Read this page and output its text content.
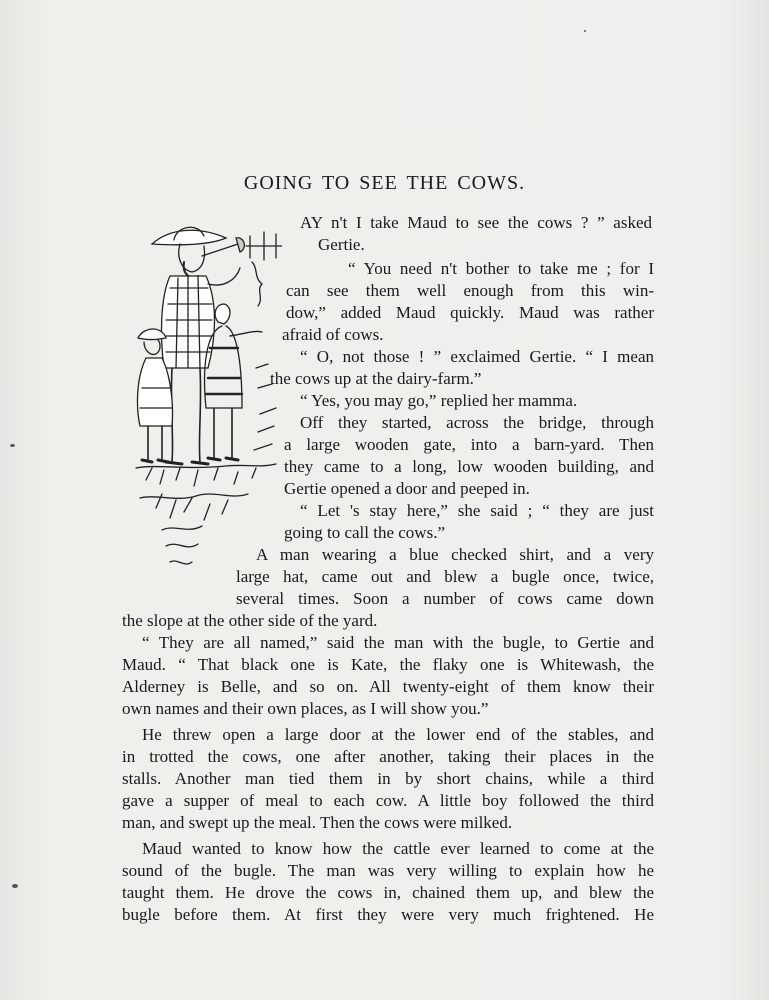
GOING TO SEE THE COWS.
AY n't I take Maud to see the cows ? ” asked
Gertie.
“ You need n't bother to take me ; for I
can see them well enough from this win-
dow,” added Maud quickly. Maud was rather
afraid of cows.
“ O, not those ! ” exclaimed Gertie. “ I mean
the cows up at the dairy-farm.”
“ Yes, you may go,” replied her mamma.
Off they started, across the bridge, through
a large wooden gate, into a barn-yard. Then
they came to a long, low wooden building, and
Gertie opened a door and peeped in.
“ Let 's stay here,” she said ; “ they are just
going to call the cows.”
A man wearing a blue checked shirt, and a very
large hat, came out and blew a bugle once, twice,
several times. Soon a number of cows came down
the slope at the other side of the yard.
“ They are all named,” said the man with the bugle, to Gertie and
Maud. “ That black one is Kate, the flaky one is Whitewash, the
Alderney is Belle, and so on. All twenty-eight of them know their
own names and their own places, as I will show you.”
He threw open a large door at the lower end of the stables, and
in trotted the cows, one after another, taking their places in the
stalls. Another man tied them in by short chains, while a third
gave a supper of meal to each cow. A little boy followed the third
man, and swept up the meal. Then the cows were milked.
Maud wanted to know how the cattle ever learned to come at the
sound of the bugle. The man was very willing to explain how he
taught them. He drove the cows in, chained them up, and blew the
bugle before them. At first they were very much frightened. He
